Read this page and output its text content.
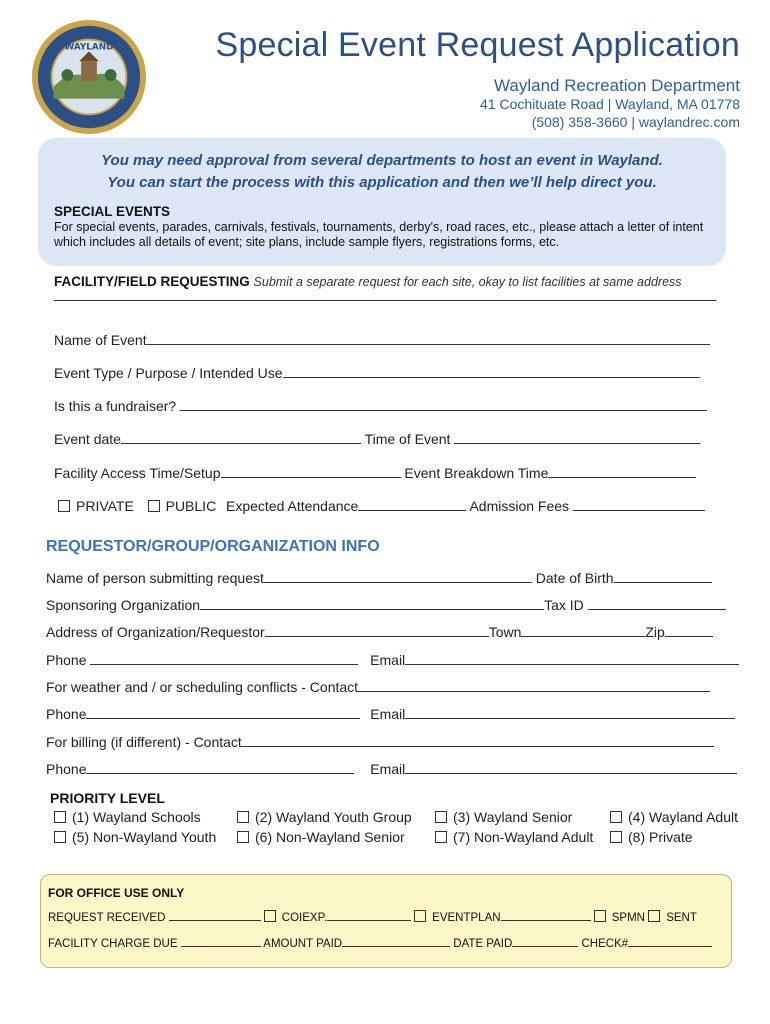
WAYLAND	Special Event Request Application
Wayland Recreation Department
41 Cochituate Road | Wayland, MA 01778
(508) 358-3660 | waylandrec.com
You may need approval from several departments to host an event in Wayland.
You can start the process with this application and then we’ll help direct you.
SPECIAL EVENTS
For special events, parades, carnivals, festivals, tournaments, derby's, road races, etc., please attach a letter of intent which includes all details of event; site plans, include sample flyers, registrations forms, etc.
FACILITY/FIELD REQUESTING Submit a separate request for each site, okay to list facilities at same address
Name of Event
Event Type / Purpose / Intended Use
Is this a fundraiser?
Event date	Time of Event
Facility Access Time/Setup	Event Breakdown Time
PRIVATE PUBLIC Expected Attendance	Admission Fees
REQUESTOR/GROUP/ORGANIZATION INFO
Name of person submitting request	Date of Birth
Sponsoring Organization	Tax ID
Address of Organization/Requestor	Town	Zip
Phone	Email
For weather and / or scheduling conflicts - Contact
Phone	Email
For billing (if different) - Contact
Phone	Email
PRIORITY LEVEL
(1) Wayland Schools	(2) Wayland Youth Group	(3) Wayland Senior	(4) Wayland Adult
(5) Non-Wayland Youth	(6) Non-Wayland Senior	(7) Non-Wayland Adult	(8) Private
FOR OFFICE USE ONLY
REQUEST RECEIVED	COIEXP.	EVENTPLAN	SPMN SENT
FACILITY CHARGE DUE	AMOUNT PAID	DATE PAID	CHECK#
